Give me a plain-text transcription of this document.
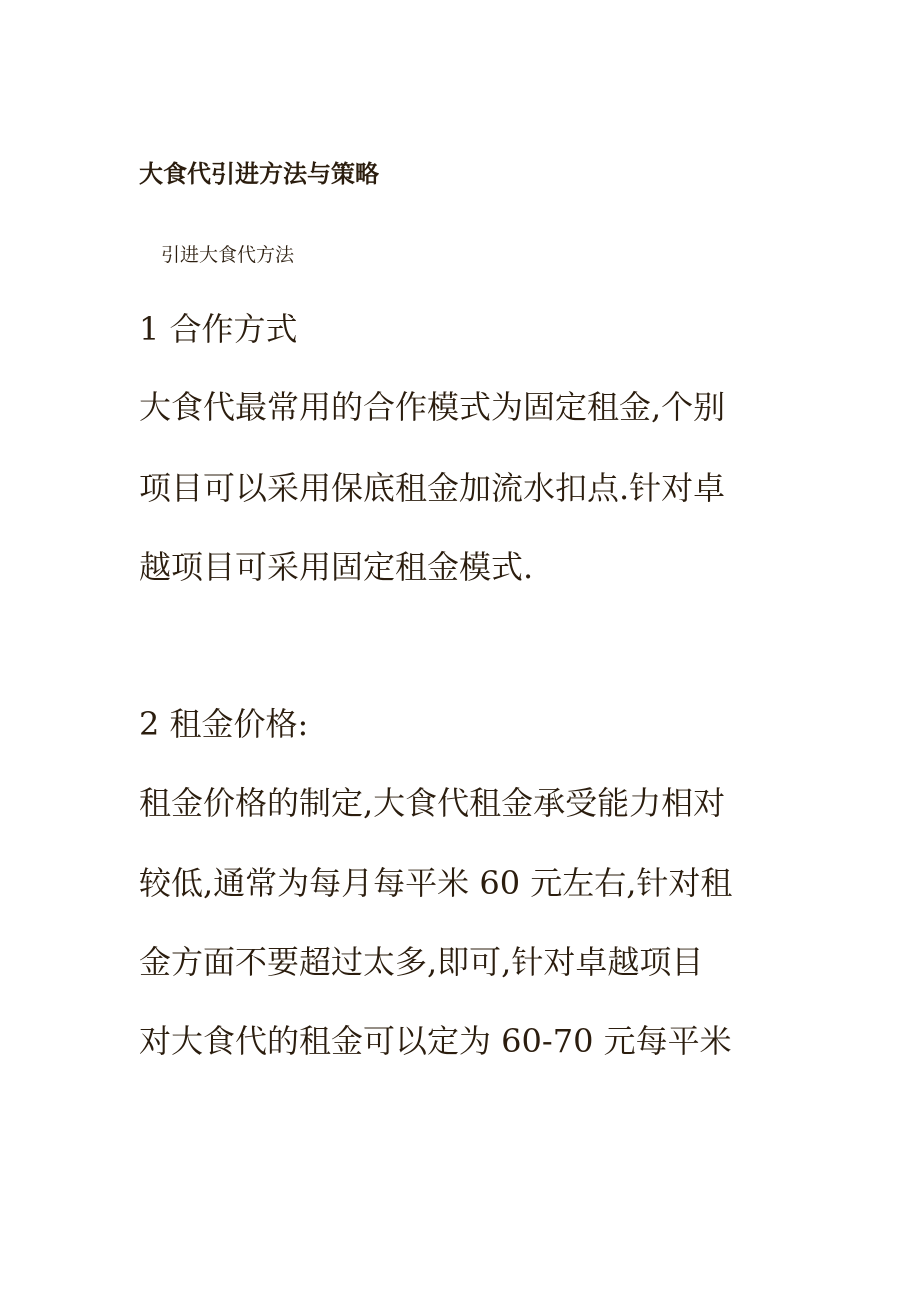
大食代引进方法与策略
引进大食代方法
1 合作方式
大食代最常用的合作模式为固定租金,个别
项目可以采用保底租金加流水扣点.针对卓
越项目可采用固定租金模式.
2 租金价格:
租金价格的制定,大食代租金承受能力相对
较低,通常为每月每平米 60 元左右,针对租
金方面不要超过太多,即可,针对卓越项目
对大食代的租金可以定为 60-70 元每平米
